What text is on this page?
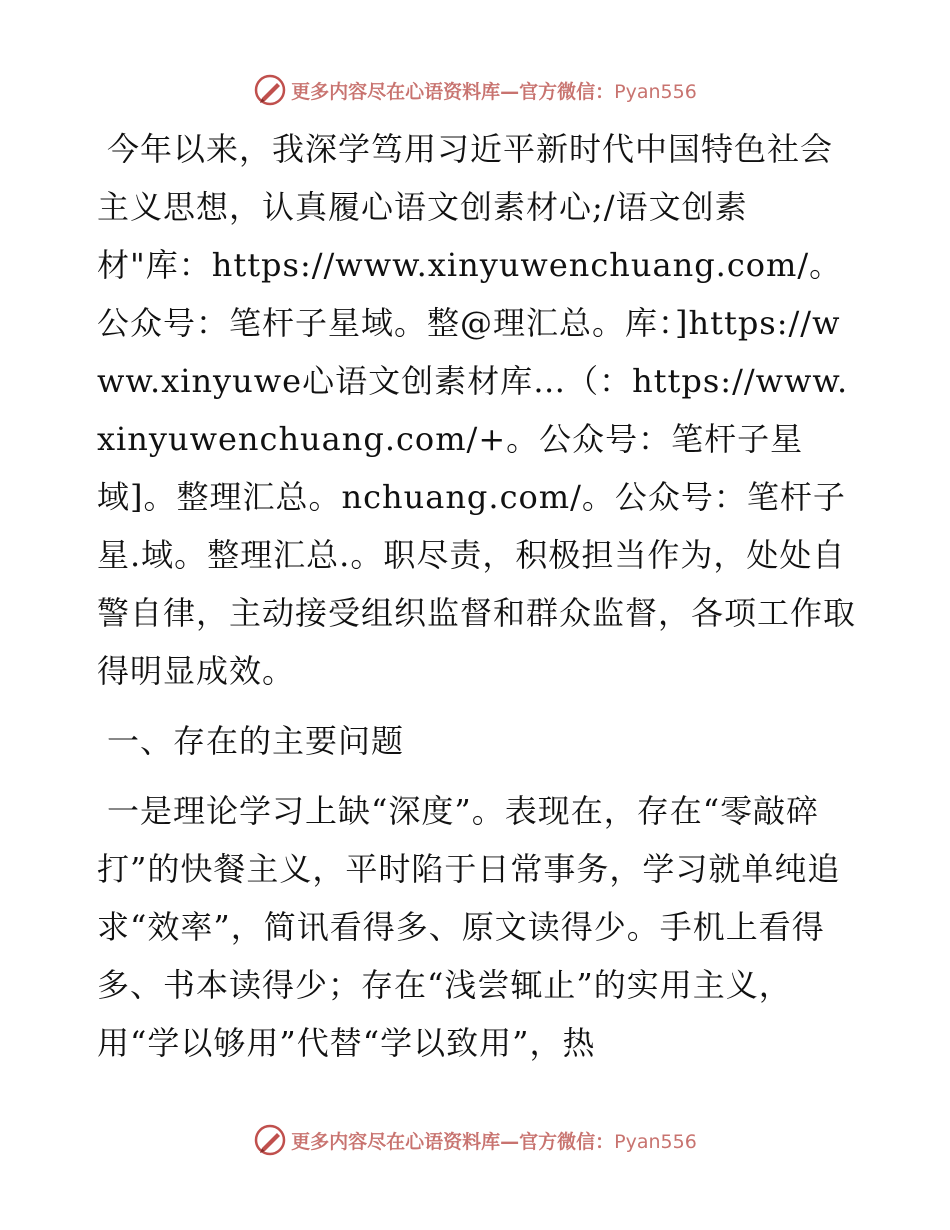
更多内容尽在心语资料库—官方微信：Pyan556

今年以来，我深学笃用习近平新时代中国特色社会主义思想，认真履心语文创素材心;/语文创素材"库：https://www.xinyuwenchuang.com/。公众号：笔杆子星域。整@理汇总。库：]https://www.xinyuwe心语文创素材库…（：https://www.xinyuwenchuang.com/+。公众号：笔杆子星域]。整理汇总。nchuang.com/。公众号：笔杆子星.域。整理汇总.。职尽责，积极担当作为，处处自警自律，主动接受组织监督和群众监督，各项工作取得明显成效。

一、存在的主要问题

一是理论学习上缺“深度”。表现在，存在“零敲碎打”的快餐主义，平时陷于日常事务，学习就单纯追求“效率”，简讯看得多、原文读得少。手机上看得多、书本读得少；存在“浅尝辄止”的实用主义，用“学以够用”代替“学以致用”，热

更多内容尽在心语资料库—官方微信：Pyan556
